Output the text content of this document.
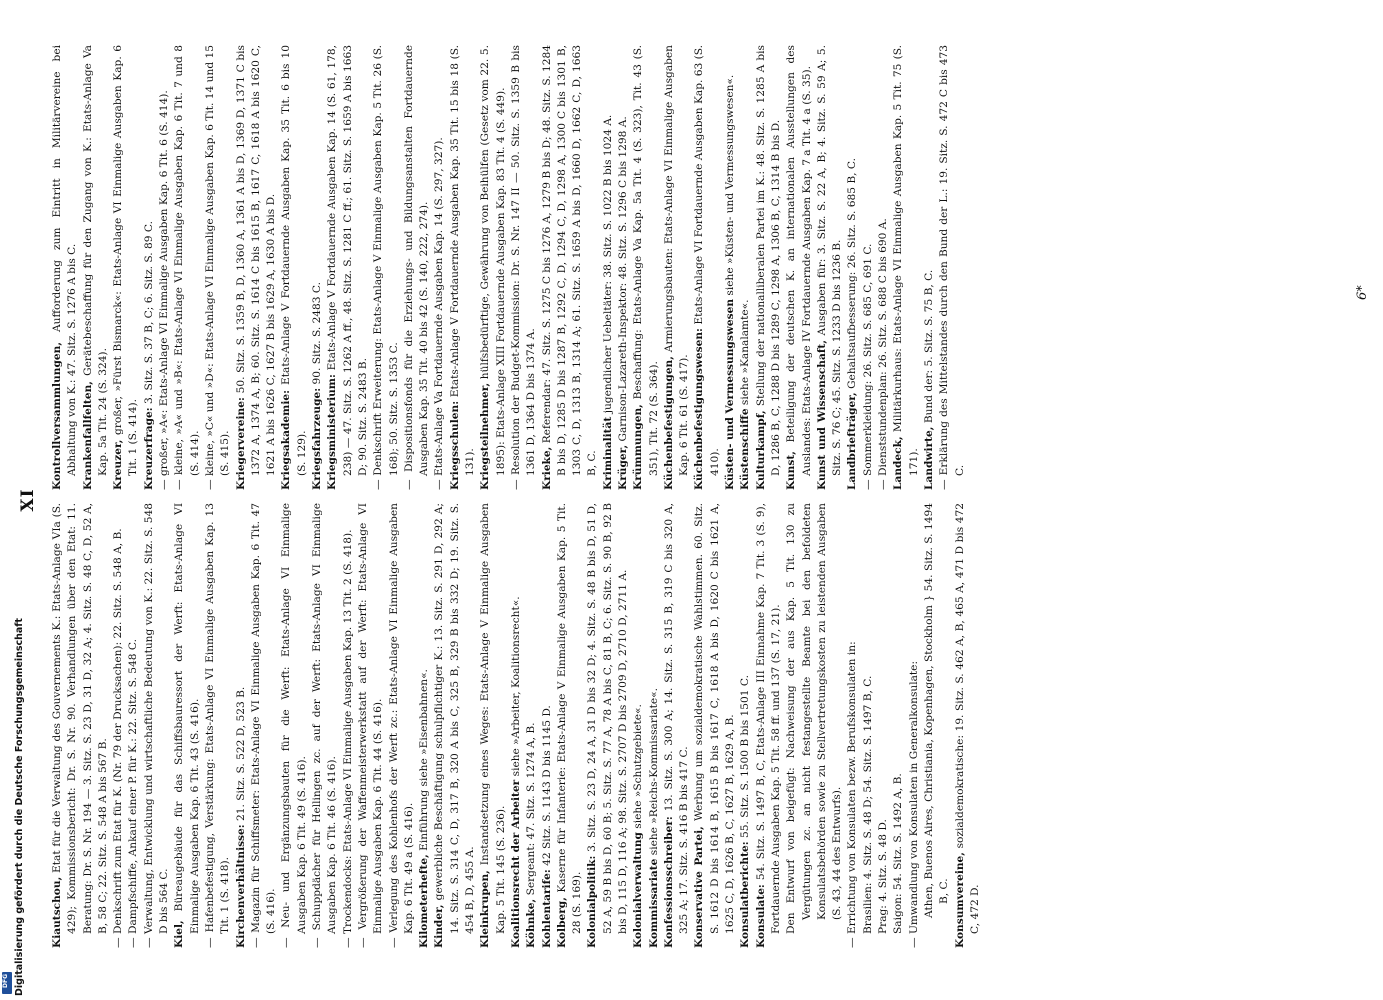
XI

Kiautschou, Etat für die Verwaltung des Gouvernements K.: Etats-Anlage VIa (S. 429); Kommissionsbericht: Dr. S. Nr. 90. Verhandlungen über den Etat: 11. Beratung: Dr. S. Nr. 194 — 3. Sitz. S. 23 D, 31 D, 32 A; 4. Sitz. S. 48 C, D, 52 A, B, 58 C; 22. Sitz. S. 548 A bis 567 B. — Denkschrift zum Etat für K. (Nr. 79 der Drucksachen): 22. Sitz. S. 548 A, B. — Dampfschiffe, Ankauf einer P. für K.: 22. Sitz. S. 548 C. — Verwaltung, Entwicklung und wirtschaftliche Bedeutung von K.: 22. Sitz. S. 548 D bis 564 C.

Kiel, Büreaugebäude für das Schiffsbauressort der Werft: Etats-Anlage VI Einmalige Ausgaben Kap. 6 Tit. 43 (S. 416). — Hafenbefestigung, Verstärkung: Etats-Anlage VI Einmalige Ausgaben Kap. 13 Tit. 1 (S. 418). Kirchenverhältnisse: 21. Sitz. S. 522 D, 523 B. — Magazin für Schiffsmeter: Etats-Anlage VI Einmalige Ausgaben Kap. 6 Tit. 47 (S. 416). — Neu- und Ergänzungsbauten für die Werft: Etats-Anlage VI Einmalige Ausgaben Kap. 6 Tit. 49 (S. 416). — Schuppdächer für Hellingen zc. auf der Werft: Etats-Anlage VI Einmalige Ausgaben Kap. 6 Tit. 46 (S. 416). — Trockendocks: Etats-Anlage VI Einmalige Ausgaben Kap. 13 Tit. 2 (S. 418). — Vergrößerung der Waffenmeisterwerkstatt auf der Werft: Etats-Anlage VI Einmalige Ausgaben Kap. 6 Tit. 44 (S. 416). — Verlegung des Kohlenhofs der Werft zc.: Etats-Anlage VI Einmalige Ausgaben Kap. 6 Tit. 49 a (S. 416). Kilometerhefte, Einführung siehe »Eisenbahnen«.

Kinder, gewerbliche Beschäftigung schulpflichtiger K.: 13. Sitz. S. 291 D, 292 A; 14. Sitz. S. 314 C, D, 317 B, 320 A bis C, 325 B, 329 B bis 332 D; 19. Sitz. S. 454 B, D, 455 A. Kleinkrupen, Instandsetzung eines Weges: Etats-Anlage V Einmalige Ausgaben Kap. 5 Tit. 145 (S. 236). Koalitionsrecht der Arbeiter siehe »Arbeiter, Koalitionsrecht«.

Köhnke, Sergeant: 47. Sitz. S. 1274 A, B.

Kohlentarife: 42 Sitz. S. 1143 D bis 1145 D.

Kolberg, Kaserne für Infanterie: Etats-Anlage V Einmalige Ausgaben Kap. 5 Tit. 28 (S. 169). Kolonialpolitik: 3. Sitz. S. 23 D, 24 A, 31 D bis 32 D; 4. Sitz. S. 48 B bis D, 51 D, 52 A, 59 B bis D, 60 B; 5. Sitz. S. 77 A, 78 A bis C, 81 B, C; 6. Sitz. S. 90 B, 92 B bis D, 115 D, 116 A; 98. Sitz. S. 2707 D bis 2709 D, 2710 D, 2711 A. Kolonialverwaltung siehe »Schutzgebiete«.

Kommissariate siehe »Reichs-Kommissariate«.

Konfessionsschreiber: 13. Sitz. S. 300 A; 14. Sitz. S. 315 B, 319 C bis 320 A, 325 A; 17. Sitz. S. 416 B bis 417 C. Konservative Partei, Werbung um sozialdemokratische Wahlstimmen. 60. Sitz. S. 1612 D bis 1614 B, 1615 B bis 1617 C, 1618 A bis D, 1620 C bis 1621 A, 1625 C, D, 1626 B, C, 1627 B, 1629 A, B. Konsulatberichte: 55. Sitz. S. 1500 B bis 1501 C.

Konsulate: 54. Sitz. S. 1497 B, C, Etats-Anlage III Einnahme Kap. 7 Tit. 3 (S. 9), Fortdauernde Ausgaben Kap. 5 Tit. 58 ff. und 137 (S. 17, 21). Den Entwurf von beigefügt: Nachweisung der aus Kap. 5 Tit. 130 zu Vergütungen zc. an nicht festangestellte Beamte bei den befoldeten Konsulatsbehörden sowie zu Stellvertretungskosten zu leistenden Ausgaben (S. 43, 44 des Entwurfs). — Errichtung von Konsulaten bezw. Berufskonsulaten in: Brasilien: 4. Sitz. S. 48 D; 54. Sitz. S. 1497 B, C. Prag: 4. Sitz. S. 48 D. Saigon: 54. Sitz. S. 1492 A, B. — Umwandlung von Konsulaten in Generalkonsulate: Athen, Buenos Aires, Christiania, Kopenhagen, Stockholm } 54. Sitz. S. 1494 B, C. Konsumvereine, sozialdemokratische: 19. Sitz. S. 462 A, B, 465 A, 471 D bis 472 C, 472 D.

Kontrollversammlungen, Aufforderung zum Eintritt in Militärvereine bei Abhaltung von K.: 47. Sitz. S. 1276 A bis C. Krankenfallfelten, Gerätebeschaffung für den Zugang von K.: Etats-Anlage Va Kap. 5a Tit. 24 (S. 324). Kreuzer, großer, »Fürst Bismarck«: Etats-Anlage VI Einmalige Ausgaben Kap. 6 Tit. 1 (S. 414). Kreuzerfrage: 3. Sitz. S. 37 B, C; 6. Sitz. S. 89 C. — großer, »A«: Etats-Anlage VI Einmalige Ausgaben Kap. 6 Tit. 6 (S. 414). — kleine, »A« und »B«: Etats-Anlage VI Einmalige Ausgaben Kap. 6 Tit. 7 und 8 (S. 414). — kleine, »C« und »D«: Etats-Anlage VI Einmalige Ausgaben Kap. 6 Tit. 14 und 15 (S. 415). Kriegervereine: 50. Sitz. S. 1359 B, D, 1360 A, 1361 A bis D, 1369 D, 1371 C bis 1372 A, 1374 A, B; 60. Sitz. S. 1614 C bis 1615 B, 1617 C, 1618 A bis 1620 C, 1621 A bis 1626 C, 1627 B bis 1629 A, 1630 A bis D. Kriegsakademie: Etats-Anlage V Fortdauernde Ausgaben Kap. 35 Tit. 6 bis 10 (S. 129). Kriegsfahrzeuge: 90. Sitz. S. 2483 C.

Kriegsministerium: Etats-Anlage V Fortdauernde Ausgaben Kap. 14 (S. 61, 178, 238) — 47. Sitz. S. 1262 A ff., 48. Sitz. S. 1281 C ff.; 61. Sitz. S. 1659 A bis 1663 D; 90. Sitz. S. 2483 B. — Denkschrift Erweiterung: Etats-Anlage V Einmalige Ausgaben Kap. 5 Tit. 26 (S. 168); 50. Sitz. S. 1353 C. — Dispositionsfonds für die Erziehungs- und Bildungsanstalten Fortdauernde Ausgaben Kap. 35 Tit. 40 bis 42 (S. 140, 222, 274). — Etats-Anlage Va Fortdauernde Ausgaben Kap. 14 (S. 297, 327). Kriegsschulen: Etats-Anlage V Fortdauernde Ausgaben Kap. 35 Tit. 15 bis 18 (S. 131). Kriegsteilnehmer, hülfsbedürftige, Gewährung von Beihülfen (Gesetz vom 22. 5. 1895): Etats-Anlage XIII Fortdauernde Ausgaben Kap. 83 Tit. 4 (S. 449). — Resolution der Budget-Kommission: Dr. S. Nr. 147 II — 50. Sitz. S. 1359 B bis 1361 D, 1364 D bis 1374 A. Krieke, Referendar: 47. Sitz. S. 1275 C bis 1276 A, 1279 B bis D; 48. Sitz. S. 1284 B bis D, 1285 D bis 1287 B, 1292 C, D, 1294 C, D, 1298 A, 1300 C bis 1301 B, 1303 C, D, 1313 B, 1314 A; 61. Sitz. S. 1659 A bis D, 1660 D, 1662 C, D, 1663 B, C. Kriminalität jugendlicher Uebeltäter: 38. Sitz. S. 1022 B bis 1024 A.

Krüger, Garnison-Lazareth-Inspektor: 48. Sitz. S. 1296 C bis 1298 A.

Krümmungen, Beschaffung: Etats-Anlage Va Kap. 5a Tit. 4 (S. 323), Tit. 43 (S. 351), Tit. 72 (S. 364). Küchenbefestigungen, Armierungsbauten: Etats-Anlage VI Einmalige Ausgaben Kap. 6 Tit. 61 (S. 417). Küchenbefestigungswesen: Etats-Anlage VI Fortdauernde Ausgaben Kap. 63 (S. 410). Küsten- und Vermessungswesen siehe »Küsten- und Vermessungswesen«.

Küstenschiffe siehe »Kanalamte«.

Kulturkampf, Stellung der nationalliberalen Partei im K.: 48. Sitz. S. 1285 A bis D, 1286 B, C, 1288 D bis 1289 C, 1298 A, 1306 B, C, 1314 B bis D. Kunst, Beteiligung der deutschen K. an internationalen Ausstellungen des Auslandes: Etats-Anlage IV Fortdauernde Ausgaben Kap. 7 a Tit. 4 a (S. 35). Kunst und Wissenschaft, Ausgaben für: 3. Sitz. S. 22 A, B; 4. Sitz. S. 59 A; 5. Sitz. S. 76 C; 45. Sitz. S. 1233 D bis 1236 B. Landbriefträger, Gehaltsaufbesserung: 26. Sitz. S. 685 B, C. — Sommerkleidung: 26. Sitz. S. 685 C, 691 C. — Dienststundenplan: 26. Sitz. S. 688 C bis 690 A. Landeck, Militärkurhaus: Etats-Anlage VI Einmalige Ausgaben Kap. 5 Tit. 75 (S. 171). Landwirte, Bund der: 5. Sitz. S. 75 B, C. — Erklärung des Mittelstandes durch den Bund der L.: 19. Sitz. S. 472 C bis 473 C.

6*
Digitalisierung gefördert durch die Deutsche Forschungsgemeinschaft
DFG
